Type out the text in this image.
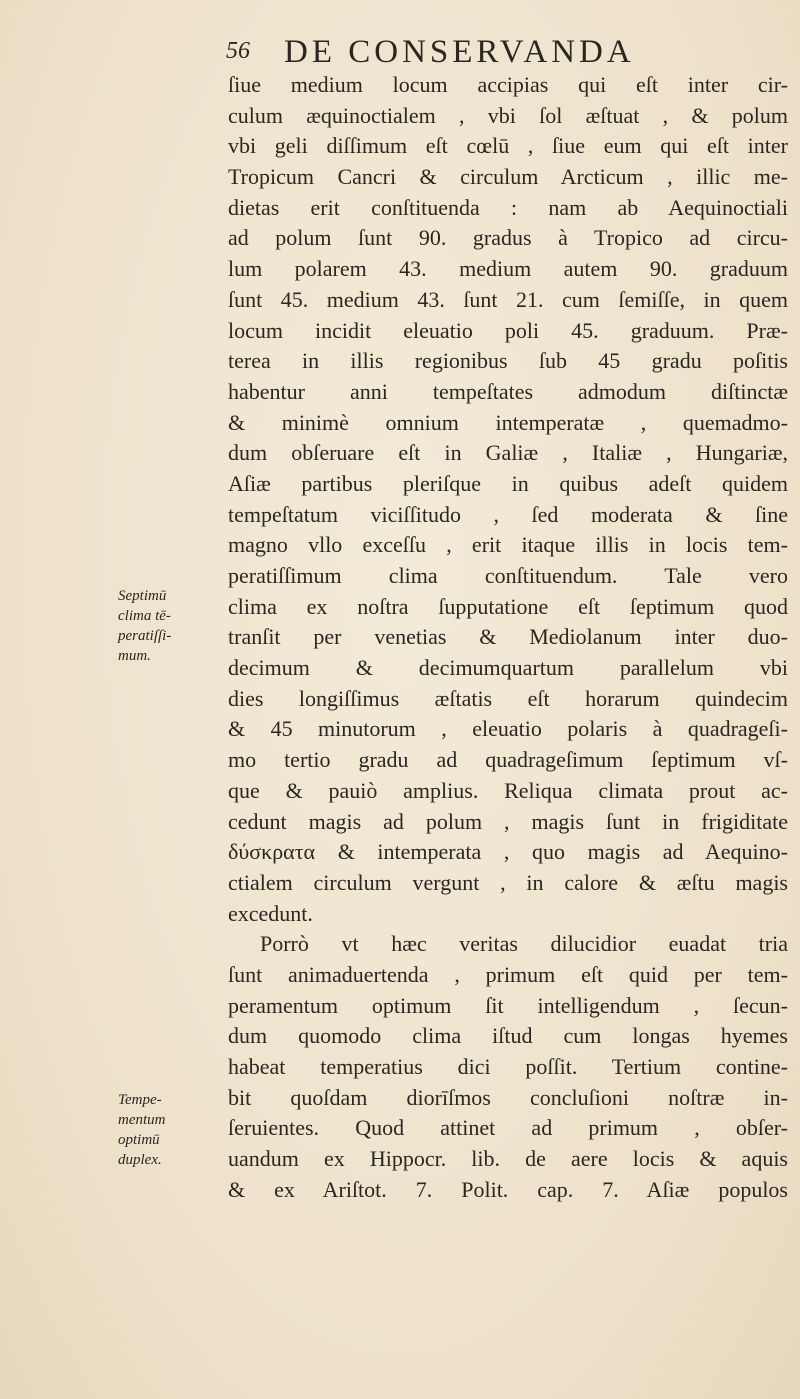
56 DE CONSERVANDA
Septimū
clima tē-
peratiſſi-
mum.
Tempe-
mentum
optimū
duplex.
ſiue medium locum accipias qui eſt inter cir-
culum æquinoctialem , vbi ſol æſtuat , & polum
vbi geli diſſimum eſt cœlū , ſiue eum qui eſt inter
Tropicum Cancri & circulum Arcticum , illic me-
dietas erit conſtituenda : nam ab Aequinoctiali
ad polum ſunt 90. gradus à Tropico ad circu-
lum polarem 43. medium autem 90. graduum
ſunt 45. medium 43. ſunt 21. cum ſemiſſe, in quem
locum incidit eleuatio poli 45. graduum. Præ-
terea in illis regionibus ſub 45 gradu poſitis
habentur anni tempeſtates admodum diſtinctæ
& minimè omnium intemperatæ , quemadmo-
dum obſeruare eſt in Galiæ , Italiæ , Hungariæ,
Aſiæ partibus pleriſque in quibus adeſt quidem
tempeſtatum viciſſitudo , ſed moderata & ſine
magno vllo exceſſu , erit itaque illis in locis tem-
peratiſſimum clima conſtituendum. Tale vero
clima ex noſtra ſupputatione eſt ſeptimum quod
tranſit per venetias & Mediolanum inter duo-
decimum & decimumquartum parallelum vbi
dies longiſſimus æſtatis eſt horarum quindecim
& 45 minutorum , eleuatio polaris à quadrageſi-
mo tertio gradu ad quadrageſimum ſeptimum vſ-
que & pauiò amplius. Reliqua climata prout ac-
cedunt magis ad polum , magis ſunt in frigiditate
δύσκρατα & intemperata , quo magis ad Aequino-
ctialem circulum vergunt , in calore & æſtu magis
excedunt.
Porrò vt hæc veritas dilucidior euadat tria
ſunt animaduertenda , primum eſt quid per tem-
peramentum optimum ſit intelligendum , ſecun-
dum quomodo clima iſtud cum longas hyemes
habeat temperatius dici poſſit. Tertium contine-
bit quoſdam diorīſmos concluſioni noſtræ in-
ſeruientes. Quod attinet ad primum , obſer-
uandum ex Hippocr. lib. de aere locis & aquis
& ex Ariſtot. 7. Polit. cap. 7. Aſiæ populos
